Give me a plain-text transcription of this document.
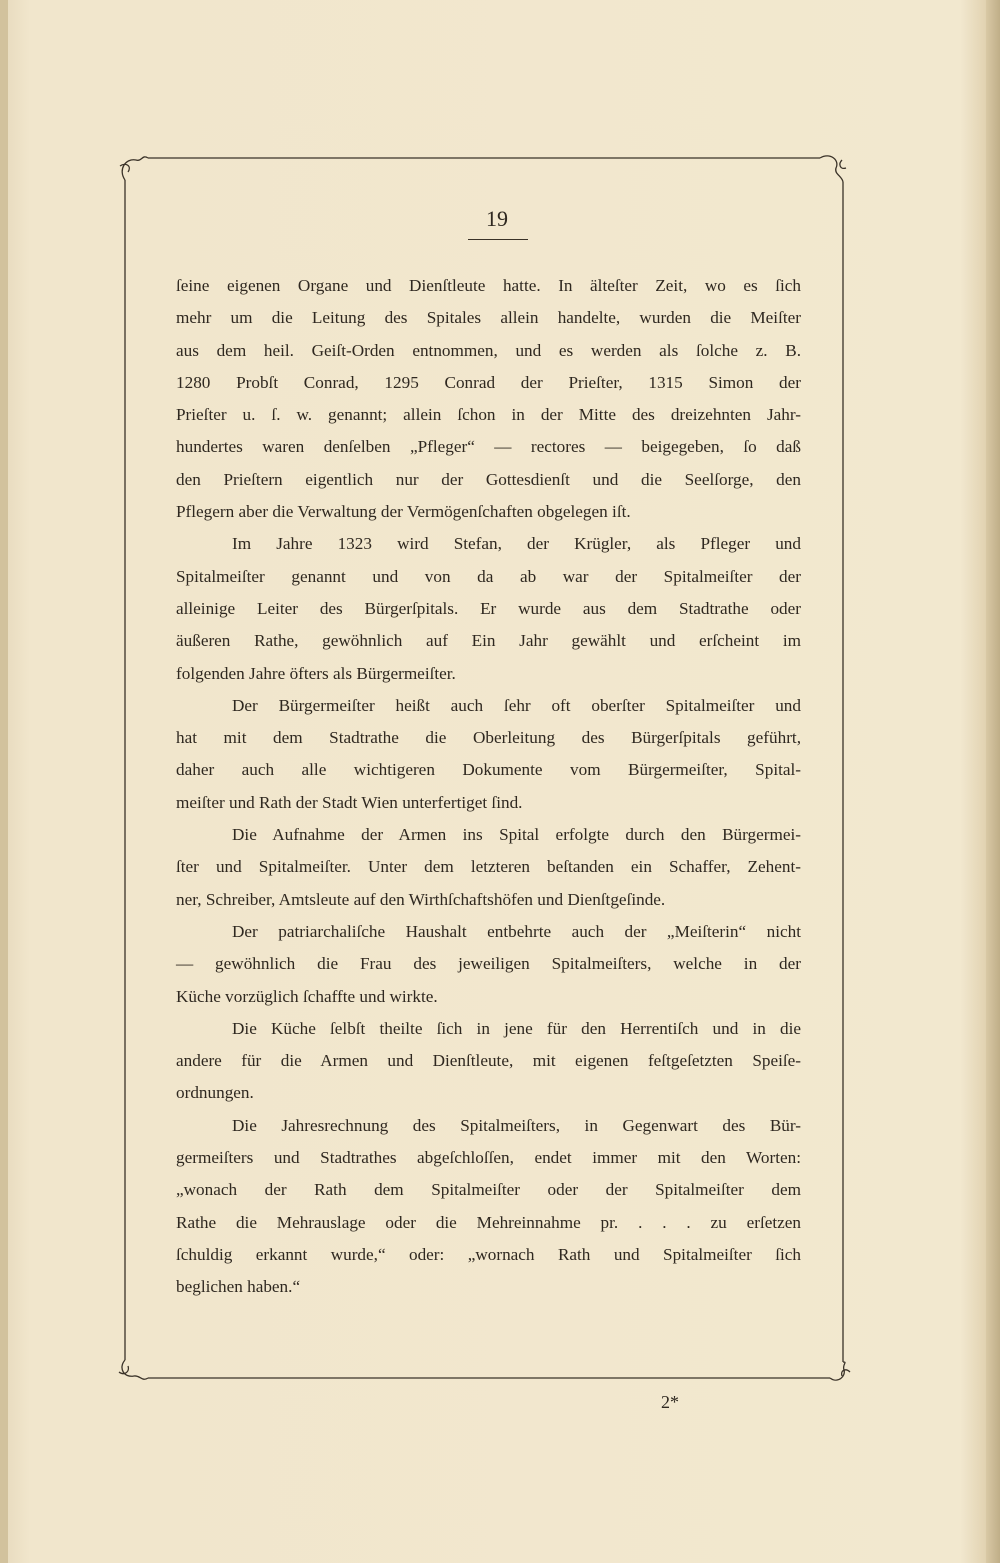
19
ſeine eigenen Organe und Dienſtleute hatte. In älteſter Zeit, wo es ſich
mehr um die Leitung des Spitales allein handelte, wurden die Meiſter
aus dem heil. Geiſt-Orden entnommen, und es werden als ſolche z. B.
1280 Probſt Conrad, 1295 Conrad der Prieſter, 1315 Simon der
Prieſter u. ſ. w. genannt; allein ſchon in der Mitte des dreizehnten Jahr-
hundertes waren denſelben „Pfleger“ — rectores — beigegeben, ſo daß
den Prieſtern eigentlich nur der Gottesdienſt und die Seelſorge, den
Pflegern aber die Verwaltung der Vermögenſchaften obgelegen iſt.
Im Jahre 1323 wird Stefan, der Krügler, als Pfleger und
Spitalmeiſter genannt und von da ab war der Spitalmeiſter der
alleinige Leiter des Bürgerſpitals. Er wurde aus dem Stadtrathe oder
äußeren Rathe, gewöhnlich auf Ein Jahr gewählt und erſcheint im
folgenden Jahre öfters als Bürgermeiſter.
Der Bürgermeiſter heißt auch ſehr oft oberſter Spitalmeiſter und
hat mit dem Stadtrathe die Oberleitung des Bürgerſpitals geführt,
daher auch alle wichtigeren Dokumente vom Bürgermeiſter, Spital-
meiſter und Rath der Stadt Wien unterfertiget ſind.
Die Aufnahme der Armen ins Spital erfolgte durch den Bürgermei-
ſter und Spitalmeiſter. Unter dem letzteren beſtanden ein Schaffer, Zehent-
ner, Schreiber, Amtsleute auf den Wirthſchaftshöfen und Dienſtgeſinde.
Der patriarchaliſche Haushalt entbehrte auch der „Meiſterin“ nicht
— gewöhnlich die Frau des jeweiligen Spitalmeiſters, welche in der
Küche vorzüglich ſchaffte und wirkte.
Die Küche ſelbſt theilte ſich in jene für den Herrentiſch und in die
andere für die Armen und Dienſtleute, mit eigenen feſtgeſetzten Speiſe-
ordnungen.
Die Jahresrechnung des Spitalmeiſters, in Gegenwart des Bür-
germeiſters und Stadtrathes abgeſchloſſen, endet immer mit den Worten:
„wonach der Rath dem Spitalmeiſter oder der Spitalmeiſter dem
Rathe die Mehrauslage oder die Mehreinnahme pr. . . . zu erſetzen
ſchuldig erkannt wurde,“ oder: „wornach Rath und Spitalmeiſter ſich
beglichen haben.“
2*
